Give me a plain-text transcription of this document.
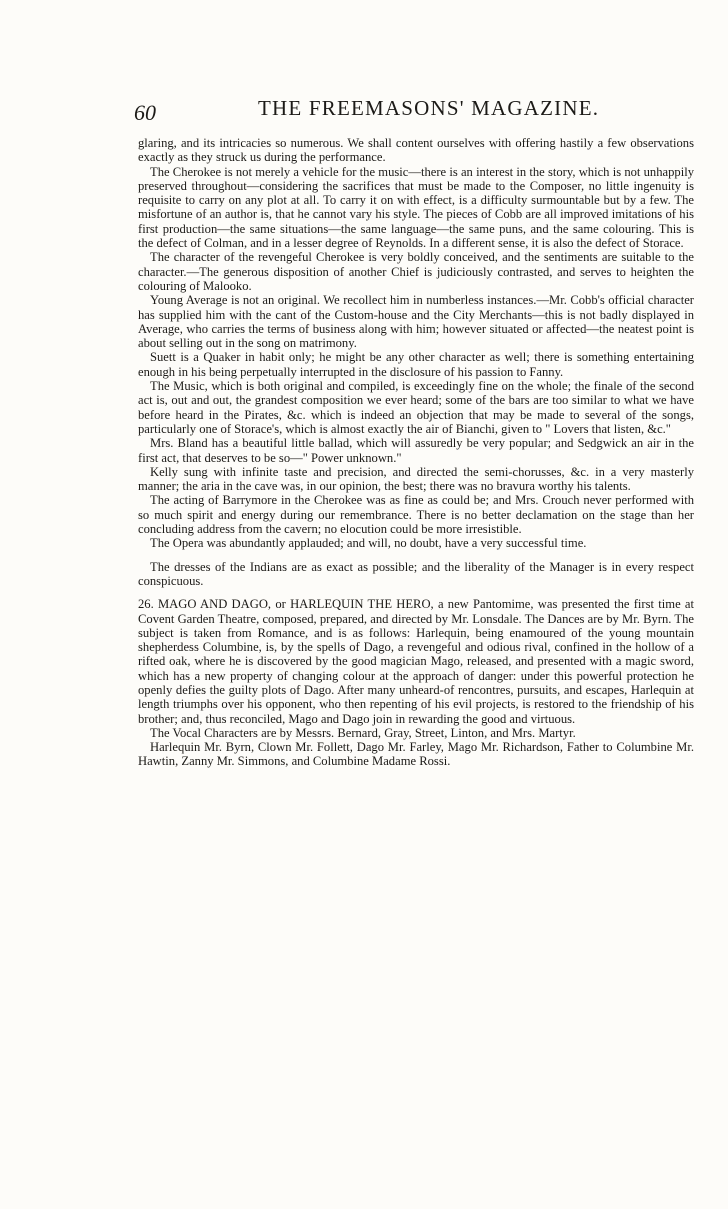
60	THE FREEMASONS' MAGAZINE.

glaring, and its intricacies so numerous. We shall content ourselves with offering hastily a few observations exactly as they struck us during the performance.

The Cherokee is not merely a vehicle for the music—there is an interest in the story, which is not unhappily preserved throughout—considering the sacrifices that must be made to the Composer, no little ingenuity is requisite to carry on any plot at all. To carry it on with effect, is a difficulty surmountable but by a few. The misfortune of an author is, that he cannot vary his style. The pieces of Cobb are all improved imitations of his first production—the same situations—the same language—the same puns, and the same colouring. This is the defect of Colman, and in a lesser degree of Reynolds. In a different sense, it is also the defect of Storace.

The character of the revengeful Cherokee is very boldly conceived, and the sentiments are suitable to the character.—The generous disposition of another Chief is judiciously contrasted, and serves to heighten the colouring of Malooko.

Young Average is not an original. We recollect him in numberless instances.—Mr. Cobb's official character has supplied him with the cant of the Custom-house and the City Merchants—this is not badly displayed in Average, who carries the terms of business along with him; however situated or affected—the neatest point is about selling out in the song on matrimony.

Suett is a Quaker in habit only; he might be any other character as well; there is something entertaining enough in his being perpetually interrupted in the disclosure of his passion to Fanny.

The Music, which is both original and compiled, is exceedingly fine on the whole; the finale of the second act is, out and out, the grandest composition we ever heard; some of the bars are too similar to what we have before heard in the Pirates, &c. which is indeed an objection that may be made to several of the songs, particularly one of Storace's, which is almost exactly the air of Bianchi, given to " Lovers that listen, &c."

Mrs. Bland has a beautiful little ballad, which will assuredly be very popular; and Sedgwick an air in the first act, that deserves to be so—" Power unknown."

Kelly sung with infinite taste and precision, and directed the semi-chorusses, &c. in a very masterly manner; the aria in the cave was, in our opinion, the best; there was no bravura worthy his talents.

The acting of Barrymore in the Cherokee was as fine as could be; and Mrs. Crouch never performed with so much spirit and energy during our remembrance. There is no better declamation on the stage than her concluding address from the cavern; no elocution could be more irresistible.

The Opera was abundantly applauded; and will, no doubt, have a very successful time.

The dresses of the Indians are as exact as possible; and the liberality of the Manager is in every respect conspicuous.

26. MAGO AND DAGO, or HARLEQUIN THE HERO, a new Pantomime, was presented the first time at Covent Garden Theatre, composed, prepared, and directed by Mr. Lonsdale. The Dances are by Mr. Byrn. The subject is taken from Romance, and is as follows: Harlequin, being enamoured of the young mountain shepherdess Columbine, is, by the spells of Dago, a revengeful and odious rival, confined in the hollow of a rifted oak, where he is discovered by the good magician Mago, released, and presented with a magic sword, which has a new property of changing colour at the approach of danger: under this powerful protection he openly defies the guilty plots of Dago. After many unheard-of rencontres, pursuits, and escapes, Harlequin at length triumphs over his opponent, who then repenting of his evil projects, is restored to the friendship of his brother; and, thus reconciled, Mago and Dago join in rewarding the good and virtuous.

The Vocal Characters are by Messrs. Bernard, Gray, Street, Linton, and Mrs. Martyr.

Harlequin Mr. Byrn, Clown Mr. Follett, Dago Mr. Farley, Mago Mr. Richardson, Father to Columbine Mr. Hawtin, Zanny Mr. Simmons, and Columbine Madame Rossi.
